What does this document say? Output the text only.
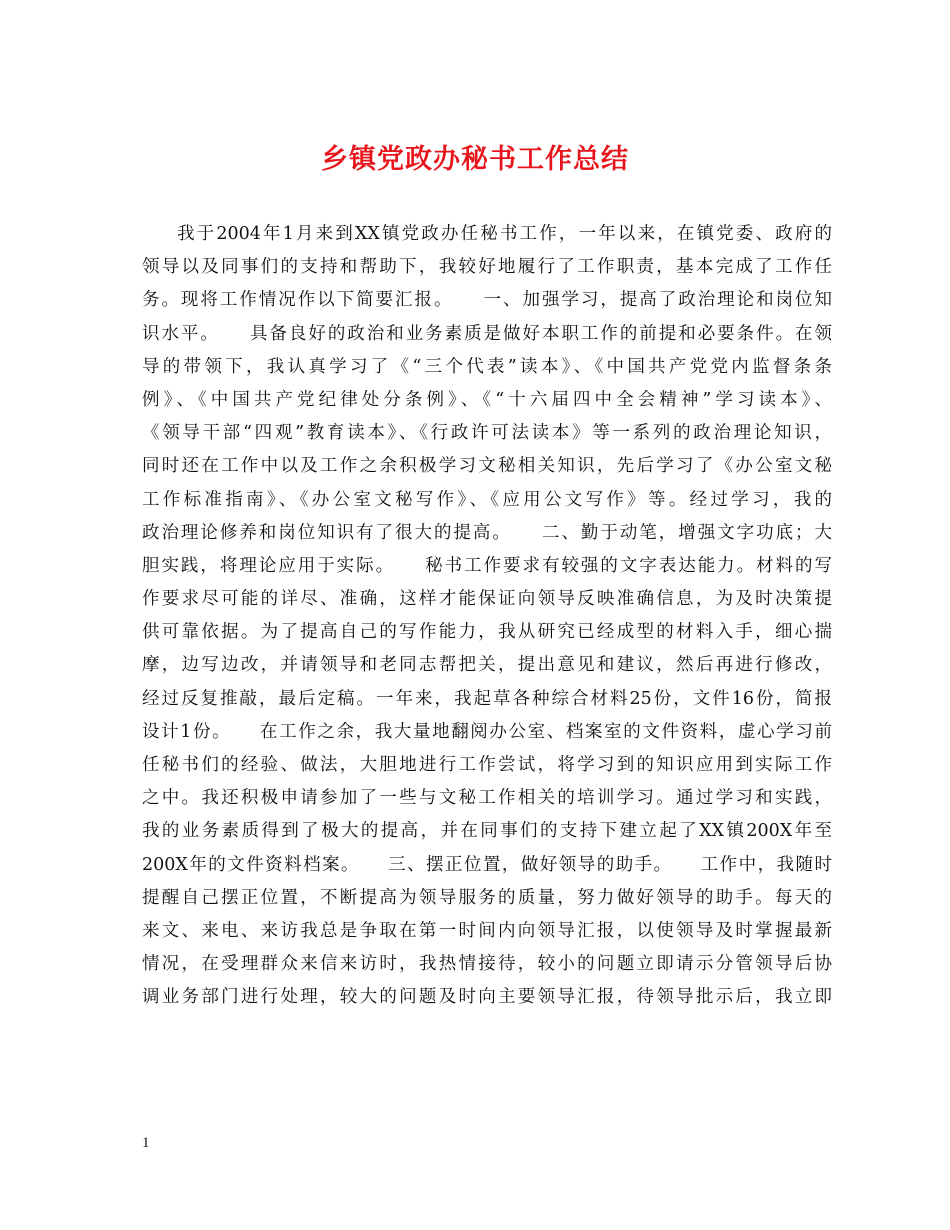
乡镇党政办秘书工作总结
我于2004年1月来到XX镇党政办任秘书工作，一年以来，在镇党委、政府的
领导以及同事们的支持和帮助下，我较好地履行了工作职责，基本完成了工作任
务。现将工作情况作以下简要汇报。    一、加强学习，提高了政治理论和岗位知
识水平。    具备良好的政治和业务素质是做好本职工作的前提和必要条件。在领
导的带领下，我认真学习了《“三个代表”读本》、《中国共产党党内监督条条
例》、《中国共产党纪律处分条例》、《“十六届四中全会精神”学习读本》、
《领导干部“四观”教育读本》、《行政许可法读本》等一系列的政治理论知识，
同时还在工作中以及工作之余积极学习文秘相关知识，先后学习了《办公室文秘
工作标准指南》、《办公室文秘写作》、《应用公文写作》等。经过学习，我的
政治理论修养和岗位知识有了很大的提高。    二、勤于动笔，增强文字功底；大
胆实践，将理论应用于实际。    秘书工作要求有较强的文字表达能力。材料的写
作要求尽可能的详尽、准确，这样才能保证向领导反映准确信息，为及时决策提
供可靠依据。为了提高自己的写作能力，我从研究已经成型的材料入手，细心揣
摩，边写边改，并请领导和老同志帮把关，提出意见和建议，然后再进行修改，
经过反复推敲，最后定稿。一年来，我起草各种综合材料25份，文件16份，简报
设计1份。    在工作之余，我大量地翻阅办公室、档案室的文件资料，虚心学习前
任秘书们的经验、做法，大胆地进行工作尝试，将学习到的知识应用到实际工作
之中。我还积极申请参加了一些与文秘工作相关的培训学习。通过学习和实践，
我的业务素质得到了极大的提高，并在同事们的支持下建立起了XX镇200X年至
200X年的文件资料档案。    三、摆正位置，做好领导的助手。    工作中，我随时
提醒自己摆正位置，不断提高为领导服务的质量，努力做好领导的助手。每天的
来文、来电、来访我总是争取在第一时间内向领导汇报，以使领导及时掌握最新
情况，在受理群众来信来访时，我热情接待，较小的问题立即请示分管领导后协
调业务部门进行处理，较大的问题及时向主要领导汇报，待领导批示后，我立即
1
